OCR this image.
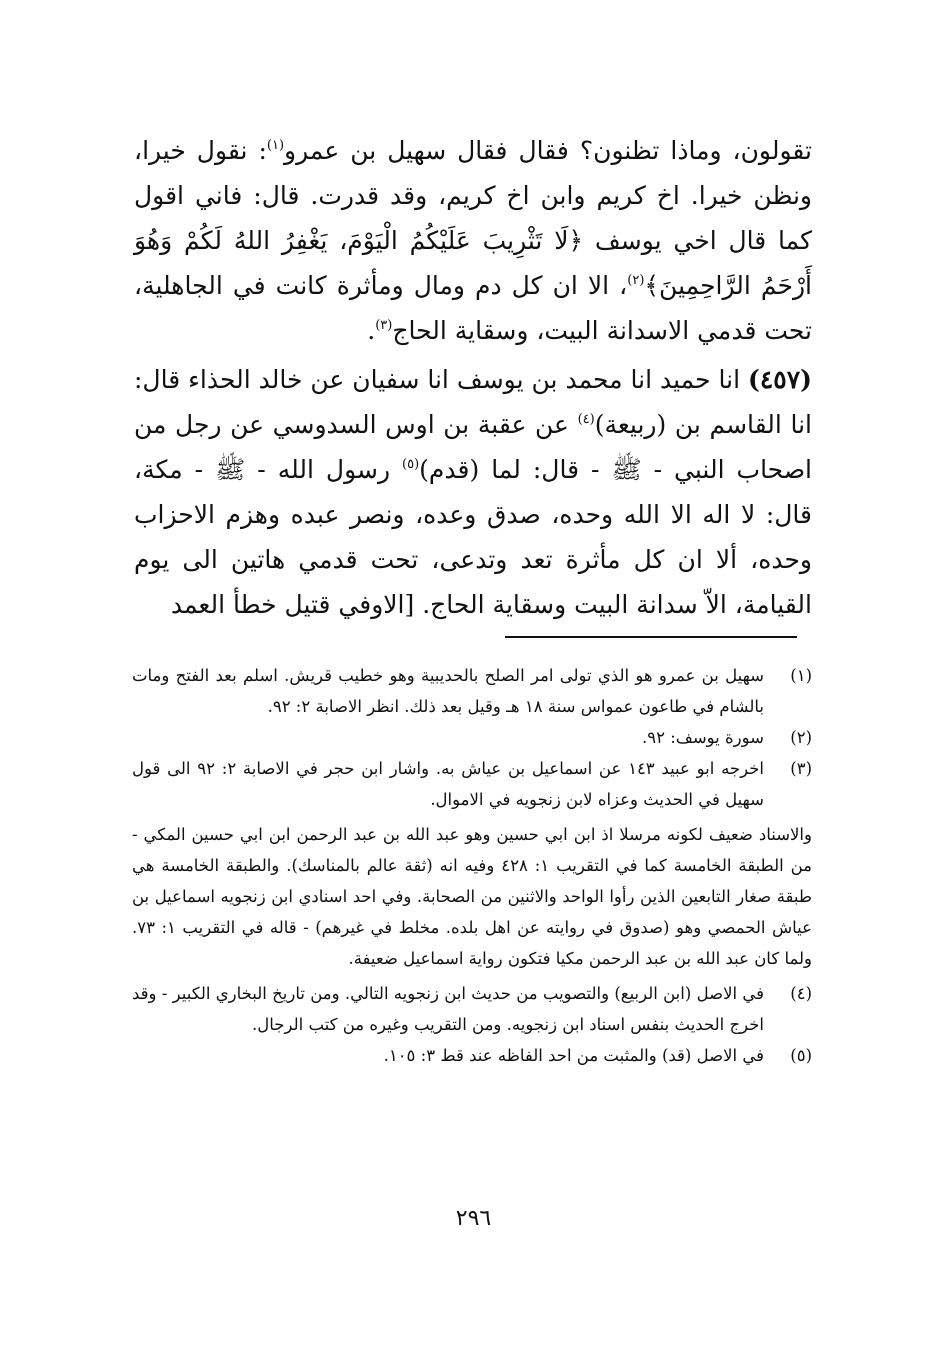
تقولون، وماذا تظنون؟ فقال فقال سهيل بن عمرو$^{(١)}$: نقول خيرا، ونظن خيرا. اخ كريم وابن اخ كريم، وقد قدرت. قال: فاني اقول كما قال اخي يوسف ﴿لَا تَثْرِيبَ عَلَيْكُمُ الْيَوْمَ، يَغْفِرُ اللهُ لَكُمْ وَهُوَ أَرْحَمُ الرَّاحِمِينَ﴾$^{(٢)}$، الا ان كل دم ومال ومأثرة كانت في الجاهلية، تحت قدمي الاسدانة البيت، وسقاية الحاج$^{(٣)}$.

(٤٥٧) انا حميد انا محمد بن يوسف انا سفيان عن خالد الحذاء قال: انا القاسم بن (ربيعة)$^{(٤)}$ عن عقبة بن اوس السدوسي عن رجل من اصحاب النبي - ﷺ - قال: لما (قدم)$^{(٥)}$ رسول الله - ﷺ - مكة، قال: لا اله الا الله وحده، صدق وعده، ونصر عبده وهزم الاحزاب وحده، ألا ان كل مأثرة تعد وتدعى، تحت قدمي هاتين الى يوم القيامة، الاّ سدانة البيت وسقاية الحاج. [الاوفي قتيل خطأ العمد

(١)
سهيل بن عمرو هو الذي تولى امر الصلح بالحديبية وهو خطيب قريش. اسلم بعد الفتح ومات بالشام في طاعون عمواس سنة ١٨ هـ وقيل بعد ذلك. انظر الاصابة ٢: ٩٢.
(٢)
سورة يوسف: ٩٢.
(٣)
اخرجه ابو عبيد ١٤٣ عن اسماعيل بن عياش به. واشار ابن حجر في الاصابة ٢: ٩٢ الى قول سهيل في الحديث وعزاه لابن زنجويه في الاموال.
والاسناد ضعيف لكونه مرسلا اذ ابن ابي حسين وهو عبد الله بن عبد الرحمن ابن ابي حسين المكي - من الطبقة الخامسة كما في التقريب ١: ٤٢٨ وفيه انه (ثقة عالم بالمناسك). والطبقة الخامسة هي طبقة صغار التابعين الذين رأوا الواحد والاثنين من الصحابة. وفي احد اسنادي ابن زنجويه اسماعيل بن عياش الحمصي وهو (صدوق في روايته عن اهل بلده. مخلط في غيرهم) - قاله في التقريب ١: ٧٣. ولما كان عبد الله بن عبد الرحمن مكيا فتكون رواية اسماعيل ضعيفة.
(٤)
في الاصل (ابن الربيع) والتصويب من حديث ابن زنجويه التالي. ومن تاريخ البخاري الكبير - وقد اخرج الحديث بنفس اسناد ابن زنجويه. ومن التقريب وغيره من كتب الرجال.
(٥)
في الاصل (قد) والمثبت من احد الفاظه عند قط ٣: ١٠٥.
٢٩٦
